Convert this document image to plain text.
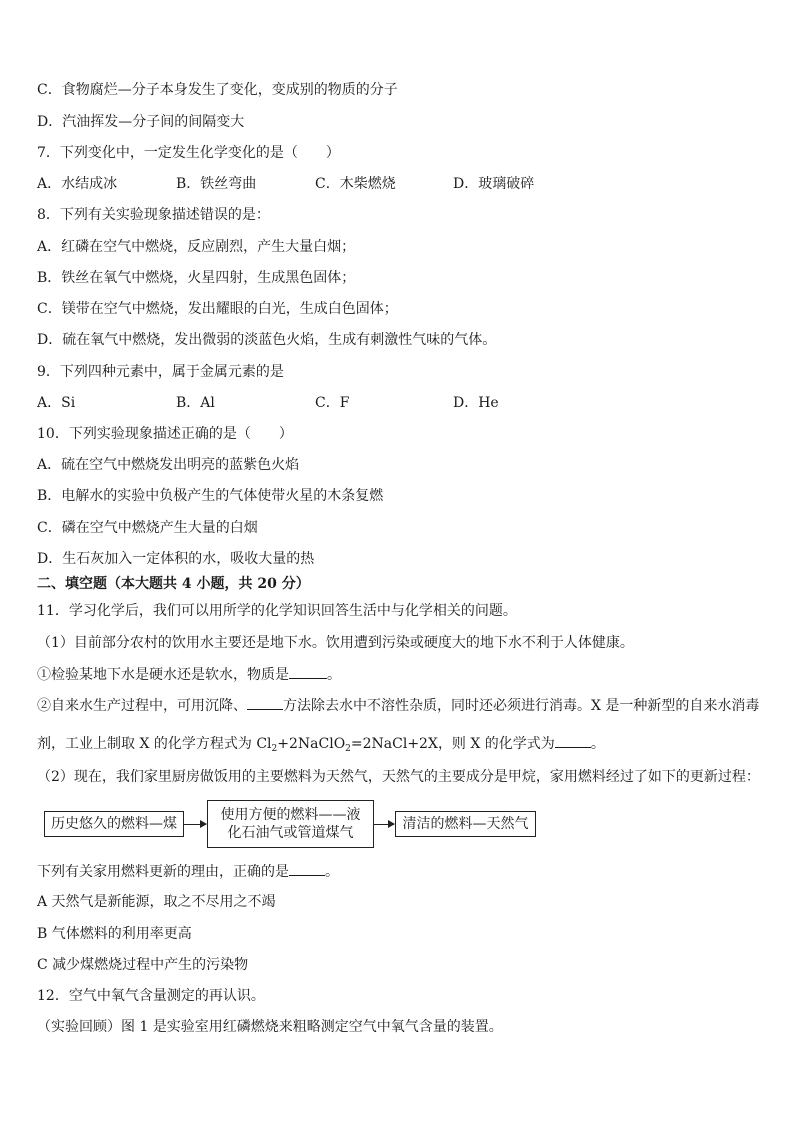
C．食物腐烂—分子本身发生了变化，变成别的物质的分子
D．汽油挥发—分子间的间隔变大
7．下列变化中，一定发生化学变化的是（　　）
A．水结成冰	B．铁丝弯曲	C．木柴燃烧	D．玻璃破碎
8．下列有关实验现象描述错误的是：
A．红磷在空气中燃烧，反应剧烈，产生大量白烟；
B．铁丝在氧气中燃烧，火星四射，生成黑色固体；
C．镁带在空气中燃烧，发出耀眼的白光，生成白色固体；
D．硫在氧气中燃烧，发出微弱的淡蓝色火焰，生成有刺激性气味的气体。
9．下列四种元素中，属于金属元素的是
A．Si	B．Al	C．F	D．He
10．下列实验现象描述正确的是（　　）
A．硫在空气中燃烧发出明亮的蓝紫色火焰
B．电解水的实验中负极产生的气体使带火星的木条复燃
C．磷在空气中燃烧产生大量的白烟
D．生石灰加入一定体积的水，吸收大量的热
二、填空题（本大题共 4 小题，共 20 分）
11．学习化学后，我们可以用所学的化学知识回答生活中与化学相关的问题。
（1）目前部分农村的饮用水主要还是地下水。饮用遭到污染或硬度大的地下水不利于人体健康。
①检验某地下水是硬水还是软水，物质是	。
②自来水生产过程中，可用沉降、	方法除去水中不溶性杂质，同时还必须进行消毒。X 是一种新型的自来水消毒
剂，工业上制取 X 的化学方程式为 $Cl_2+2NaClO_2=2NaCl+2X$，则 X 的化学式为	。
（2）现在，我们家里厨房做饭用的主要燃料为天然气，天然气的主要成分是甲烷，家用燃料经过了如下的更新过程：
历史悠久的燃料—煤
使用方便的燃料——液
化石油气或管道煤气
清洁的燃料—天然气
下列有关家用燃料更新的理由，正确的是	。
A 天然气是新能源，取之不尽用之不竭
B 气体燃料的利用率更高
C 减少煤燃烧过程中产生的污染物
12．空气中氧气含量测定的再认识。
（实验回顾）图 1 是实验室用红磷燃烧来粗略测定空气中氧气含量的装置。
